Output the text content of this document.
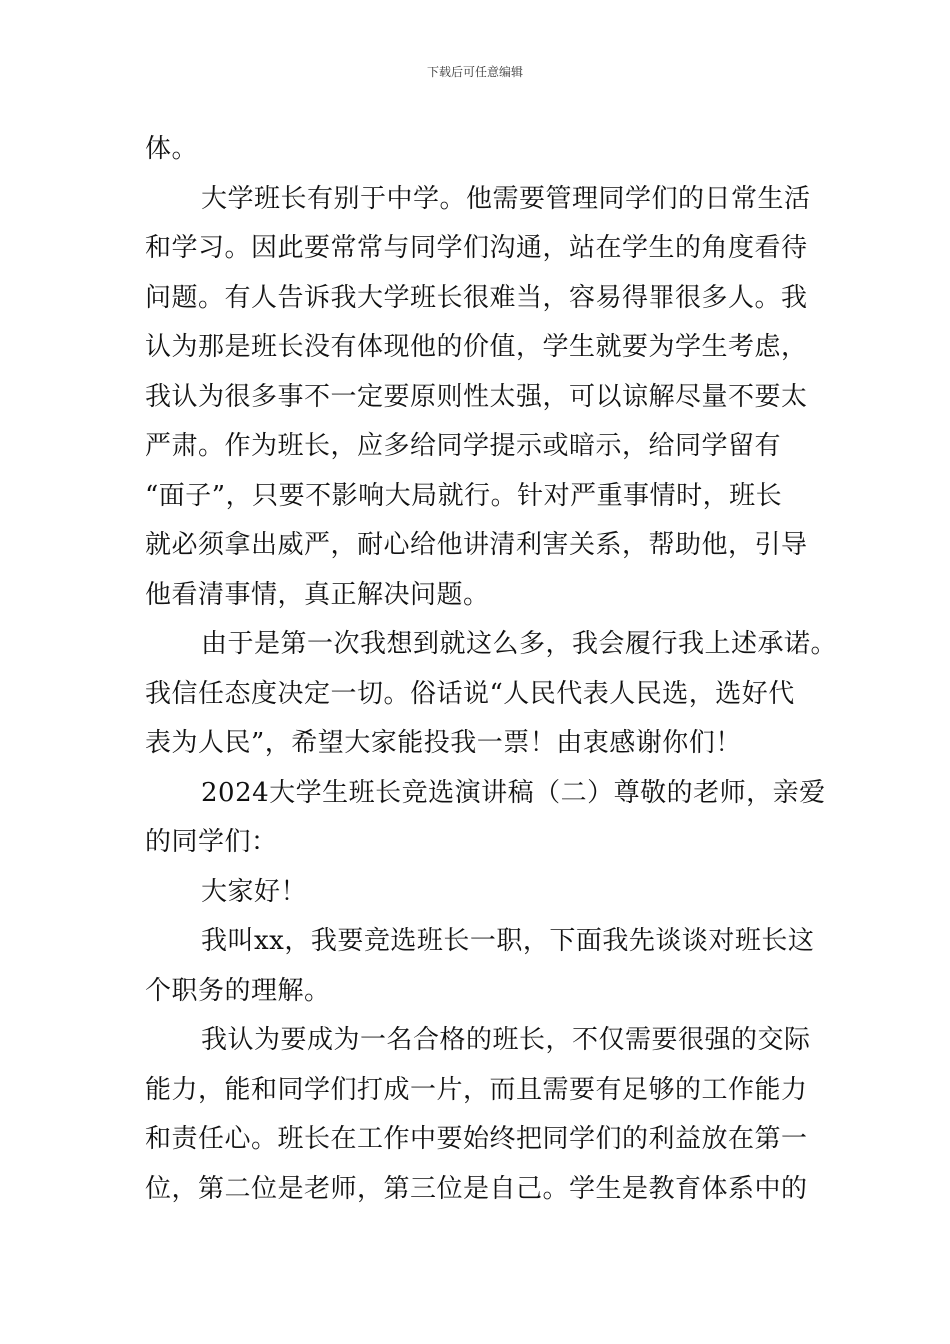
下载后可任意编辑
体。
大学班长有别于中学。他需要管理同学们的日常生活
和学习。因此要常常与同学们沟通，站在学生的角度看待
问题。有人告诉我大学班长很难当，容易得罪很多人。我
认为那是班长没有体现他的价值，学生就要为学生考虑，
我认为很多事不一定要原则性太强，可以谅解尽量不要太
严肃。作为班长，应多给同学提示或暗示，给同学留有
“面子”，只要不影响大局就行。针对严重事情时，班长
就必须拿出威严，耐心给他讲清利害关系，帮助他，引导
他看清事情，真正解决问题。
由于是第一次我想到就这么多，我会履行我上述承诺。
我信任态度决定一切。俗话说“人民代表人民选，选好代
表为人民”，希望大家能投我一票！由衷感谢你们！
2024大学生班长竞选演讲稿（二）尊敬的老师，亲爱
的同学们：
大家好！
我叫xx，我要竞选班长一职，下面我先谈谈对班长这
个职务的理解。
我认为要成为一名合格的班长，不仅需要很强的交际
能力，能和同学们打成一片，而且需要有足够的工作能力
和责任心。班长在工作中要始终把同学们的利益放在第一
位，第二位是老师，第三位是自己。学生是教育体系中的
